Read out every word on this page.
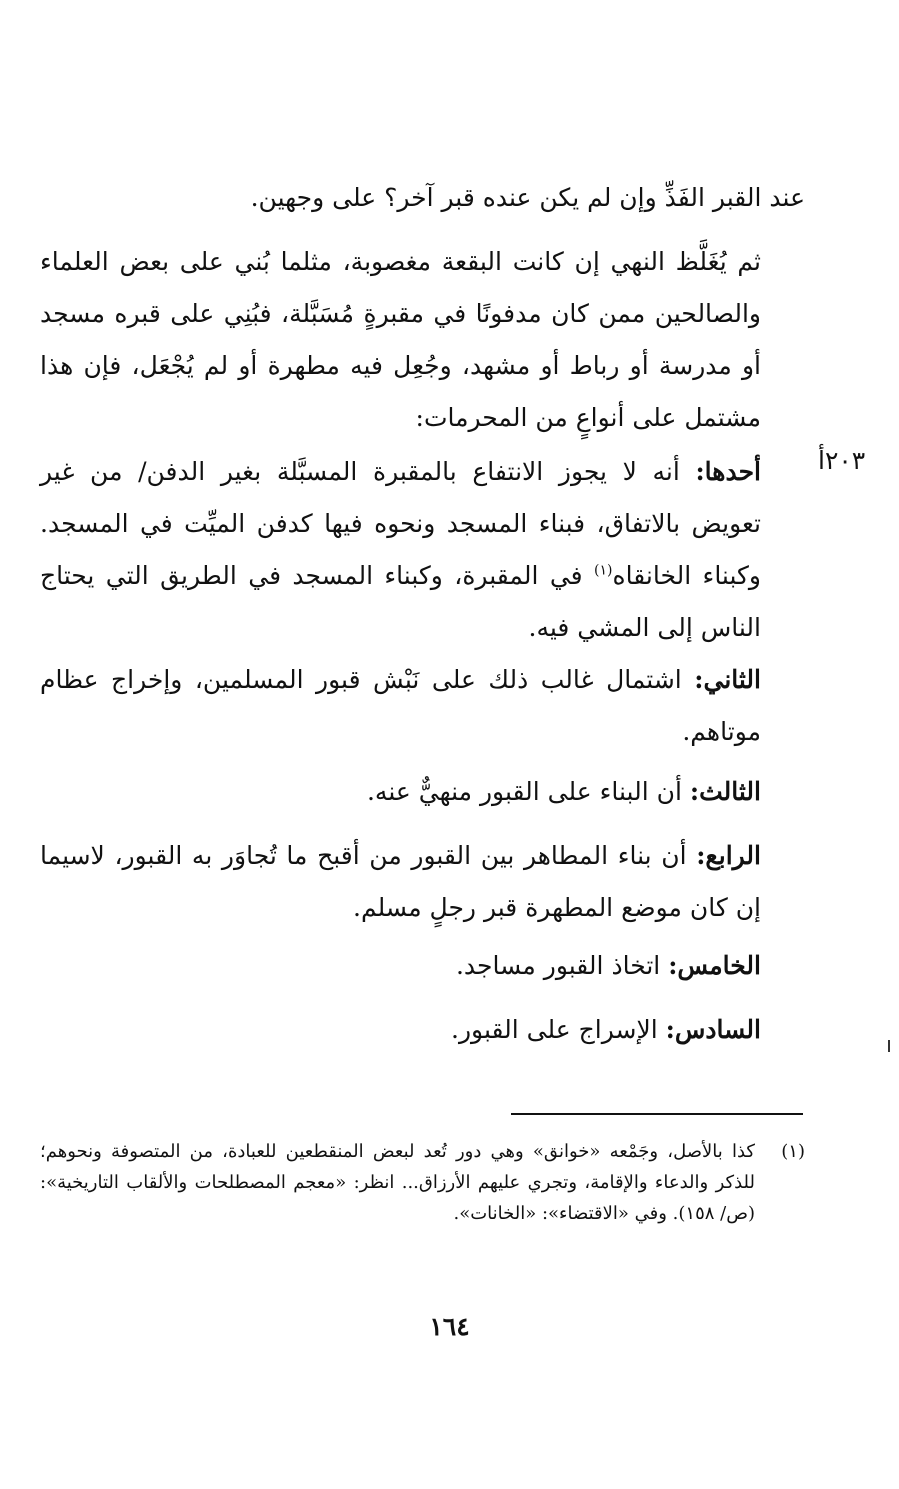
عند القبر الفَذِّ وإن لم يكن عنده قبر آخر؟ على وجهين.

ثم يُغَلَّظ النهي إن كانت البقعة مغصوبة، مثلما بُني على بعض العلماء والصالحين ممن كان مدفونًا في مقبرةٍ مُسَبَّلة، فبُنِي على قبره مسجد أو مدرسة أو رباط أو مشهد، وجُعِل فيه مطهرة أو لم يُجْعَل، فإن هذا مشتمل على أنواعٍ من المحرمات:

٢٠٣أ

أحدها: أنه لا يجوز الانتفاع بالمقبرة المسبَّلة بغير الدفن/ من غير تعويض بالاتفاق، فبناء المسجد ونحوه فيها كدفن الميِّت في المسجد. وكبناء الخانقاه$^{(١)}$ في المقبرة، وكبناء المسجد في الطريق التي يحتاج الناس إلى المشي فيه.

الثاني: اشتمال غالب ذلك على نَبْش قبور المسلمين، وإخراج عظام موتاهم.

الثالث: أن البناء على القبور منهيٌّ عنه.

الرابع: أن بناء المطاهر بين القبور من أقبح ما تُجاوَر به القبور، لاسيما إن كان موضع المطهرة قبر رجلٍ مسلم.

الخامس: اتخاذ القبور مساجد.

السادس: الإسراج على القبور.

(١)
كذا بالأصل، وجَمْعه «خوانق» وهي دور تُعد لبعض المنقطعين للعبادة، من المتصوفة ونحوهم؛ للذكر والدعاء والإقامة، وتجري عليهم الأرزاق... انظر: «معجم المصطلحات والألقاب التاريخية»: (ص/ ١٥٨). وفي «الاقتضاء»: «الخانات».
١٦٤
